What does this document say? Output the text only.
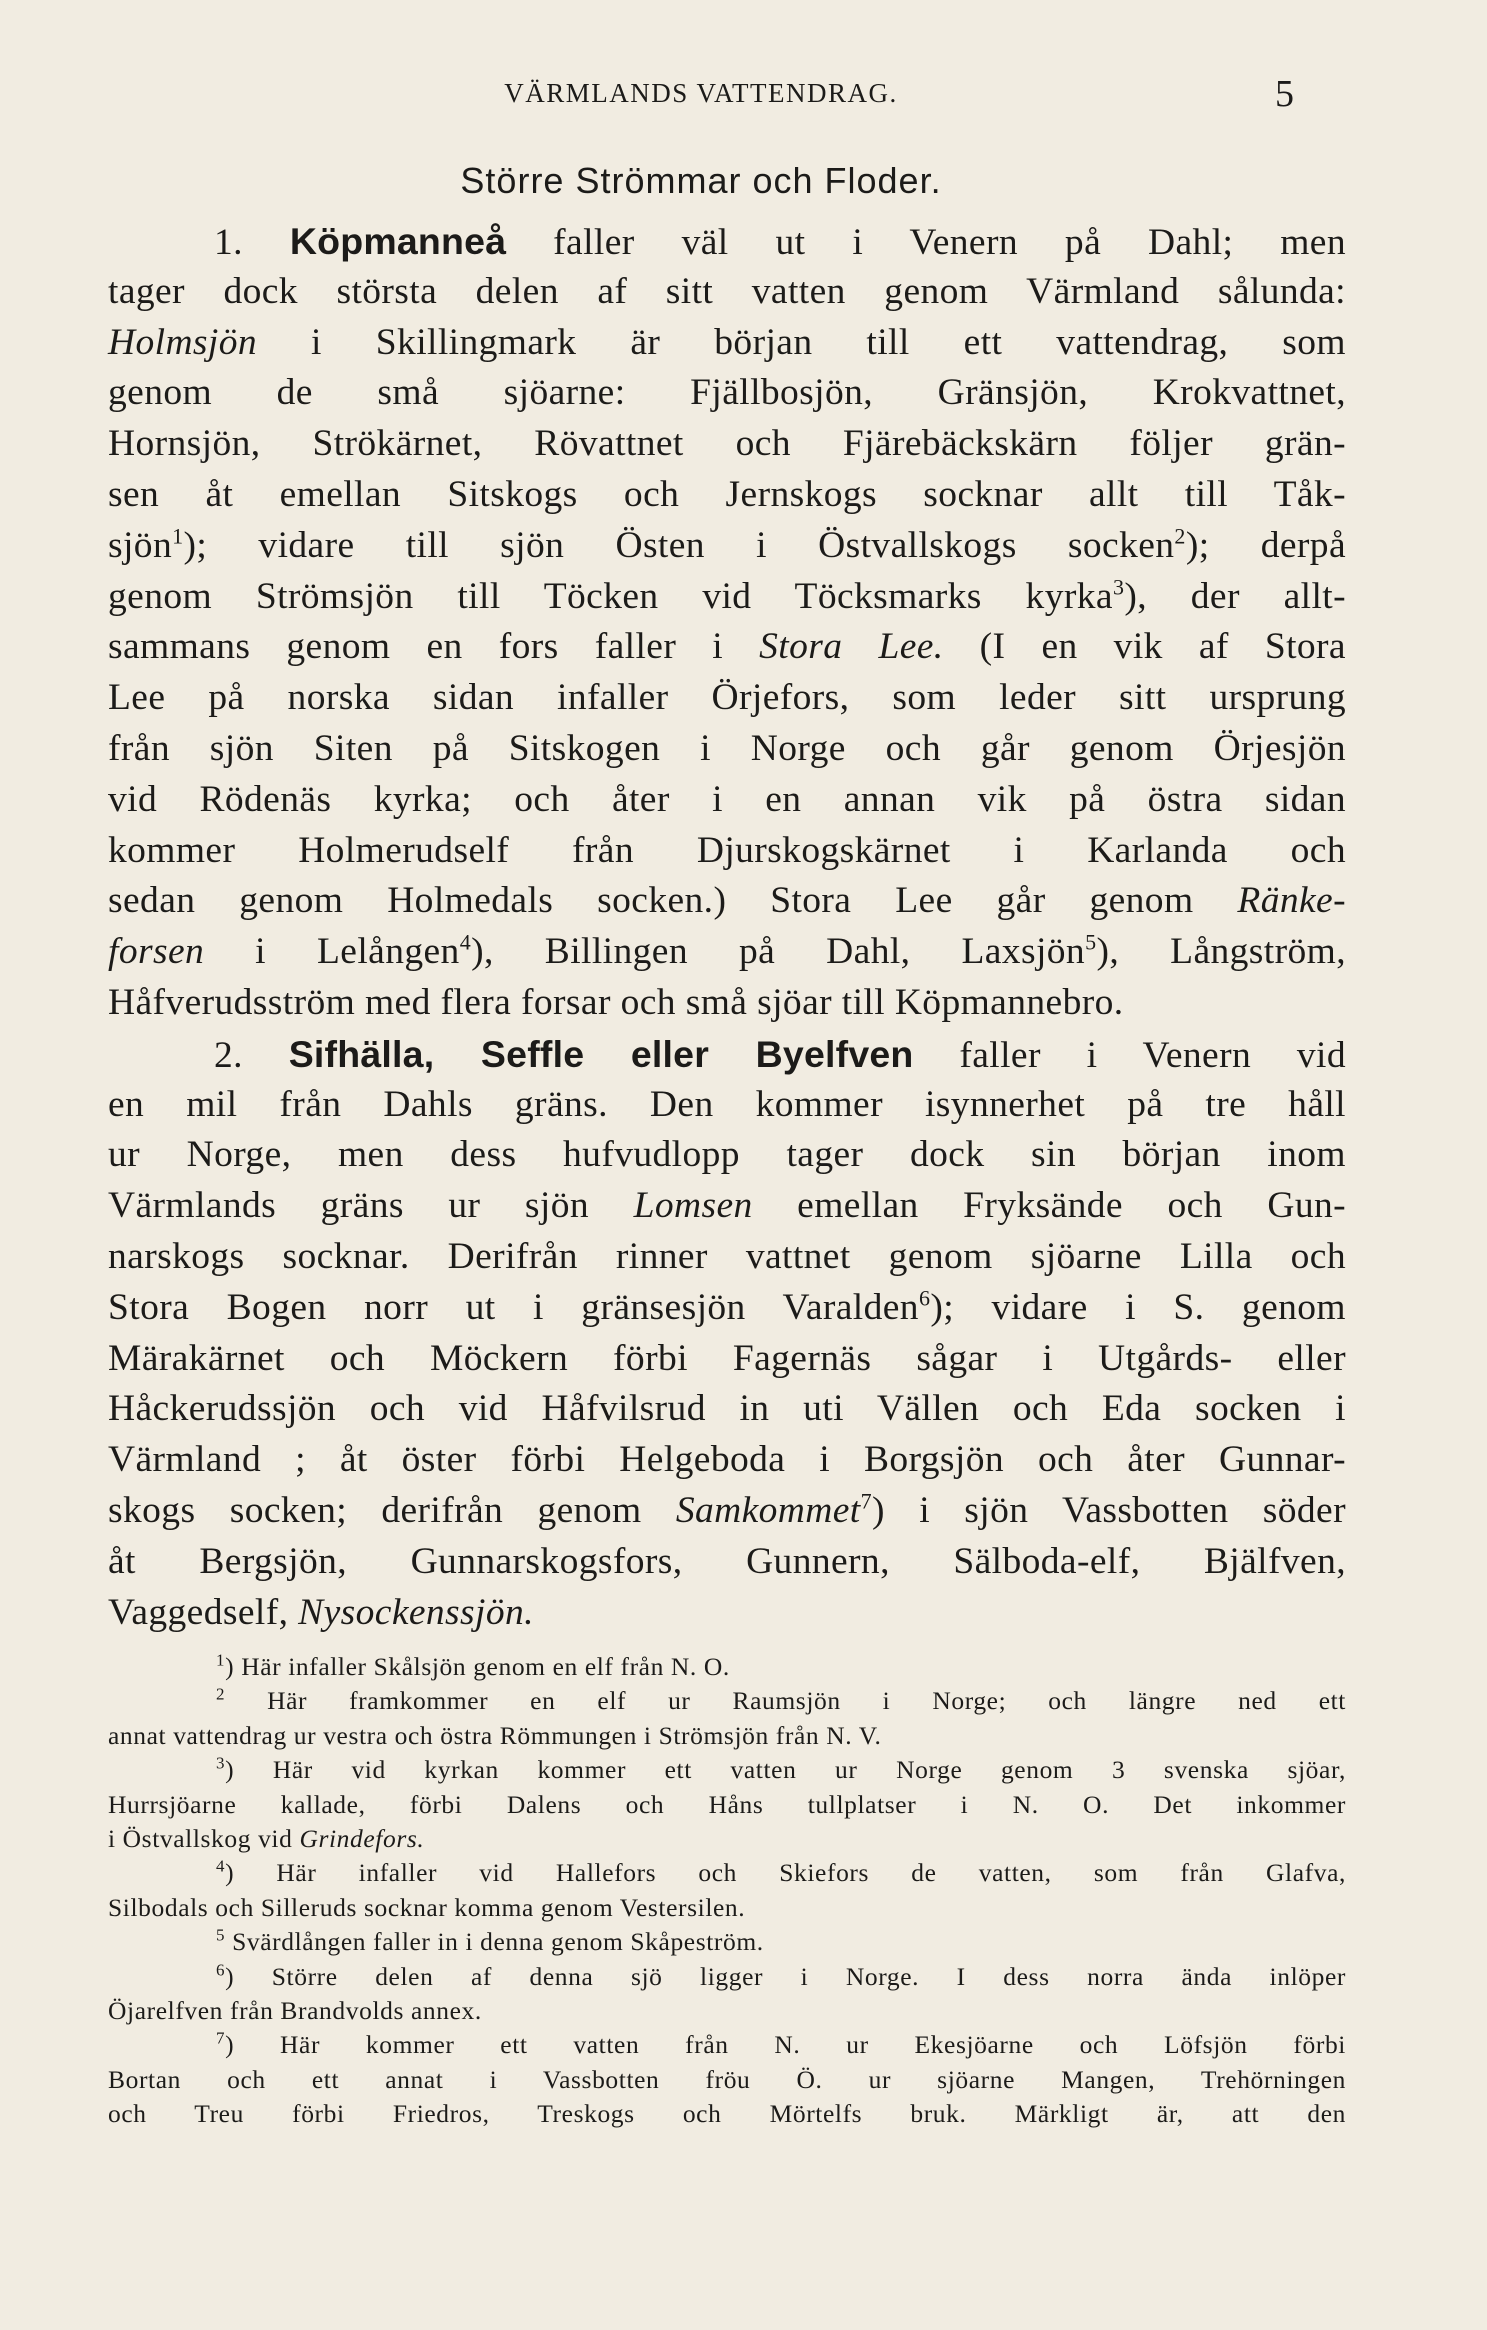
VÄRMLANDS VATTENDRAG.	5
Större Strömmar och Floder.
1. Köpmanneå faller väl ut i Venern på Dahl; men
tager dock största delen af sitt vatten genom Värmland sålunda:
Holmsjön i Skillingmark är början till ett vattendrag, som
genom de små sjöarne: Fjällbosjön, Gränsjön, Krokvattnet,
Hornsjön, Strökärnet, Rövattnet och Fjärebäckskärn följer grän-
sen åt emellan Sitskogs och Jernskogs socknar allt till Tåk-
sjön$^1$); vidare till sjön Östen i Östvallskogs socken$^2$); derpå
genom Strömsjön till Töcken vid Töcksmarks kyrka$^3$), der allt-
sammans genom en fors faller i Stora Lee. (I en vik af Stora
Lee på norska sidan infaller Örjefors, som leder sitt ursprung
från sjön Siten på Sitskogen i Norge och går genom Örjesjön
vid Rödenäs kyrka; och åter i en annan vik på östra sidan
kommer Holmerudself från Djurskogskärnet i Karlanda och
sedan genom Holmedals socken.) Stora Lee går genom Ränke-
forsen i Lelången$^4$), Billingen på Dahl, Laxsjön$^5$), Långström,
Håfverudsström med flera forsar och små sjöar till Köpmannebro.
2. Sifhälla, Seffle eller Byelfven faller i Venern vid
en mil från Dahls gräns. Den kommer isynnerhet på tre håll
ur Norge, men dess hufvudlopp tager dock sin början inom
Värmlands gräns ur sjön Lomsen emellan Fryksände och Gun-
narskogs socknar. Derifrån rinner vattnet genom sjöarne Lilla och
Stora Bogen norr ut i gränsesjön Varalden$^6$); vidare i S. genom
Märakärnet och Möckern förbi Fagernäs sågar i Utgårds- eller
Håckerudssjön och vid Håfvilsrud in uti Vällen och Eda socken i
Värmland ; åt öster förbi Helgeboda i Borgsjön och åter Gunnar-
skogs socken; derifrån genom Samkommet$^7$) i sjön Vassbotten söder
åt Bergsjön, Gunnarskogsfors, Gunnern, Sälboda-elf, Bjälfven,
Vaggedself, Nysockenssjön.
$^1$) Här infaller Skålsjön genom en elf från N. O.
$^2$ Här framkommer en elf ur Raumsjön i Norge; och längre ned ett
annat vattendrag ur vestra och östra Römmungen i Strömsjön från N. V.
$^3$) Här vid kyrkan kommer ett vatten ur Norge genom 3 svenska sjöar,
Hurrsjöarne kallade, förbi Dalens och Håns tullplatser i N. O. Det inkommer
i Östvallskog vid Grindefors.
$^4$) Här infaller vid Hallefors och Skiefors de vatten, som från Glafva,
Silbodals och Silleruds socknar komma genom Vestersilen.
$^5$ Svärdlången faller in i denna genom Skåpeström.
$^6$) Större delen af denna sjö ligger i Norge. I dess norra ända inlöper
Öjarelfven från Brandvolds annex.
$^7$) Här kommer ett vatten från N. ur Ekesjöarne och Löfsjön förbi
Bortan och ett annat i Vassbotten fröu Ö. ur sjöarne Mangen, Trehörningen
och Treu förbi Friedros, Treskogs och Mörtelfs bruk. Märkligt är, att den
